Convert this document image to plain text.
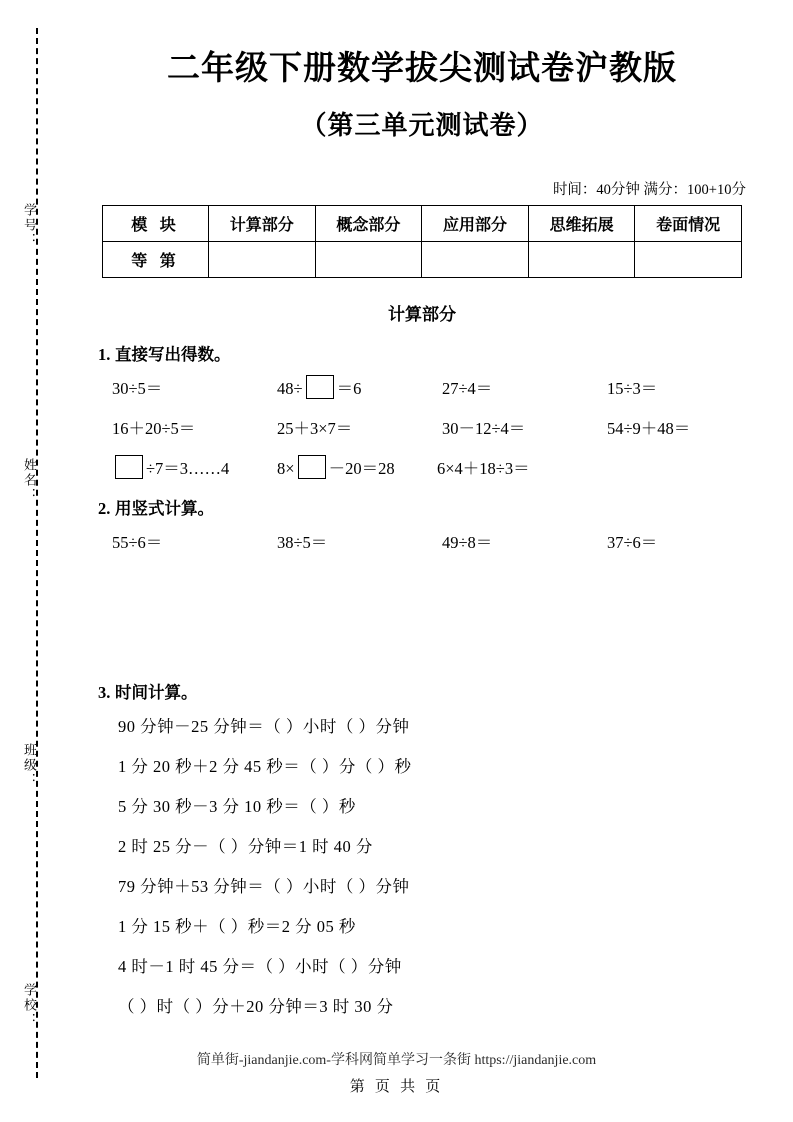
学号：
姓名：
班级：
学校：
二年级下册数学拔尖测试卷沪教版
（第三单元测试卷）
时间：40分钟 满分：100+10分
模 块	计算部分	概念部分	应用部分	思维拓展	卷面情况
等 第					
计算部分
1. 直接写出得数。
30÷5＝	48÷ ＝6	27÷4＝	15÷3＝
16＋20÷5＝	25＋3×7＝	30－12÷4＝	54÷9＋48＝
÷7＝3……4	8× －20＝28	6×4＋18÷3＝
2. 用竖式计算。
55÷6＝	38÷5＝	49÷8＝	37÷6＝
3. 时间计算。
90 分钟－25 分钟＝（ ）小时（ ）分钟
1 分 20 秒＋2 分 45 秒＝（ ）分（ ）秒
5 分 30 秒－3 分 10 秒＝（ ）秒
2 时 25 分－（ ）分钟＝1 时 40 分
79 分钟＋53 分钟＝（ ）小时（ ）分钟
1 分 15 秒＋（ ）秒＝2 分 05 秒
4 时－1 时 45 分＝（ ）小时（ ）分钟
（ ）时（ ）分＋20 分钟＝3 时 30 分
简单街-jiandanjie.com-学科网简单学习一条街 https://jiandanjie.com
第 页 共 页
